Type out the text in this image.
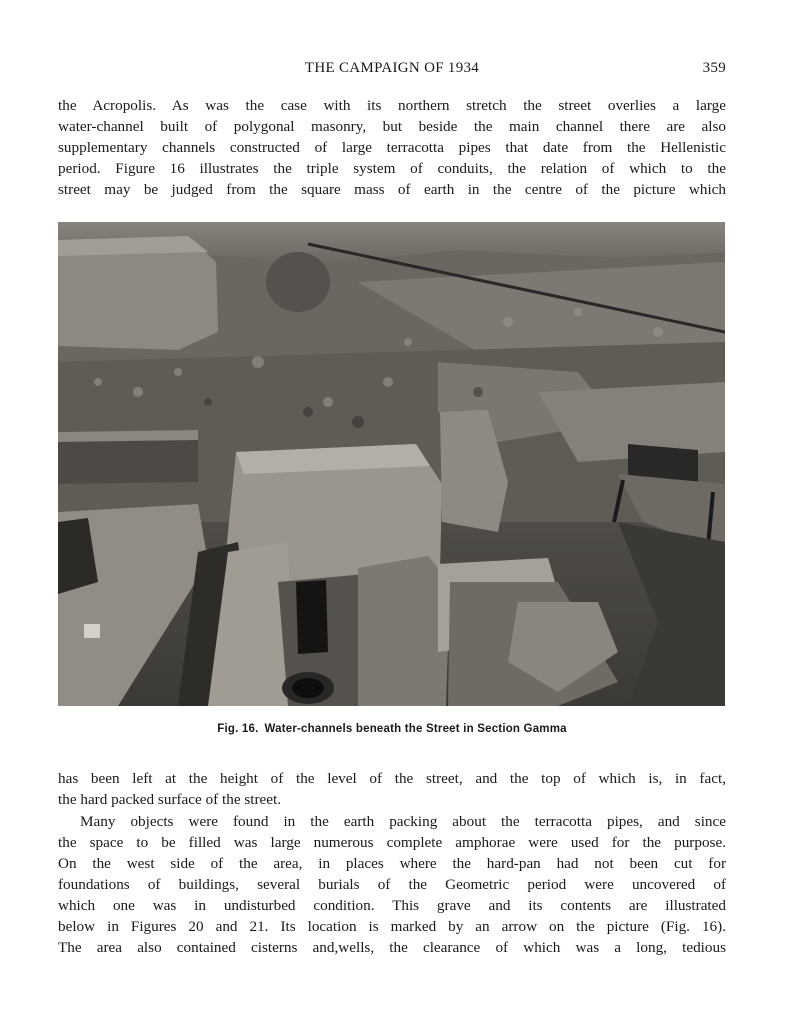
THE CAMPAIGN OF 1934	359

the Acropolis. As was the case with its northern stretch the street overlies a large
water-channel built of polygonal masonry, but beside the main channel there are also
supplementary channels constructed of large terracotta pipes that date from the Hellenistic
period. Figure 16 illustrates the triple system of conduits, the relation of which to the
street may be judged from the square mass of earth in the centre of the picture which

Fig. 16. Water-channels beneath the Street in Section Gamma

has been left at the height of the level of the street, and the top of which is, in fact,
the hard packed surface of the street.

Many objects were found in the earth packing about the terracotta pipes, and since
the space to be filled was large numerous complete amphorae were used for the purpose.
On the west side of the area, in places where the hard-pan had not been cut for
foundations of buildings, several burials of the Geometric period were uncovered of
which one was in undisturbed condition. This grave and its contents are illustrated
below in Figures 20 and 21. Its location is marked by an arrow on the picture (Fig. 16).
The area also contained cisterns and,wells, the clearance of which was a long, tedious
